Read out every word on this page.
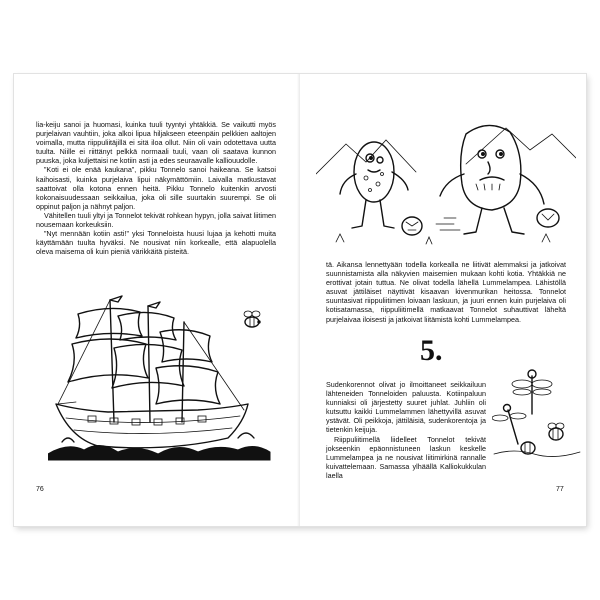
lia-keiju sanoi ja huomasi, kuinka tuuli tyyntyi yhtäkkiä. Se vaikutti myös purjelaivan vauhtiin, joka alkoi lipua hiljakseen eteenpäin pelkkien aaltojen voimalla, mutta riippuliitäjillä ei sitä iloa ollut. Niin oli vain odotettava uutta tuulta. Niille ei riittänyt pelkkä normaali tuuli, vaan oli saatava kunnon puuska, joka kuljettaisi ne kotiin asti ja edes seuraavalle kalliouudolle.

”Koti ei ole enää kaukana”, pikku Tonnelo sanoi haikeana. Se katsoi kaihoisasti, kuinka purjelaiva lipui näkymättömiin. Laivalla matkustavat saattoivat olla kotona ennen heitä. Pikku Tonnelo kuitenkin arvosti kokonaisuudessaan seikkailua, joka oli sille suurtakin suurempi. Se oli oppinut paljon ja nähnyt paljon.

Vähitellen tuuli yltyi ja Tonnelot tekivät rohkean hypyn, jolla saivat liitimen nousemaan korkeuksiin.

”Nyt mennään kotiin asti!” yksi Tonneloista huusi lujaa ja kehotti muita käyttämään tuulta hyväksi. Ne nousivat niin korkealle, että alapuolella oleva maisema oli kuin pieniä värikkäitä pisteitä.

76

tä. Aikansa lennettyään todella korkealla ne liitivät alemmaksi ja jatkoivat suunnistamista alla näkyvien maisemien mukaan kohti kotia. Yhtäkkiä ne erottivat jotain tuttua. Ne olivat todella lähellä Lummelampea. Lähistöllä asuvat jättiläiset näyttivät kisaavan kivenmurikan heitossa. Tonnelot suuntasivat riippuliitimen loivaan laskuun, ja juuri ennen kuin purjelaiva oli kotisatamassa, riippuliitimellä matkaavat Tonnelot suhauttivat läheltä purjelaivaa iloisesti ja jatkoivat liitämistä kohti Lummelampea.

5.

Sudenkorennot olivat jo ilmoittaneet seikkailuun lähteneiden Tonneloiden paluusta. Kotiinpaluun kunniaksi oli järjestetty suuret juhlat. Juhliin oli kutsuttu kaikki Lummelammen lähettyvillä asuvat ystävät. Oli peikkoja, jättiläisiä, sudenkorentoja ja tietenkin keijuja.

Riippuliitimellä liidelleet Tonnelot tekivät jokseenkin epäonnistuneen laskun keskelle Lummelampea ja ne nousivat liitimirkinä rannalle kuivattelemaan. Samassa ylhäällä Kalliokukkulan laella

77
